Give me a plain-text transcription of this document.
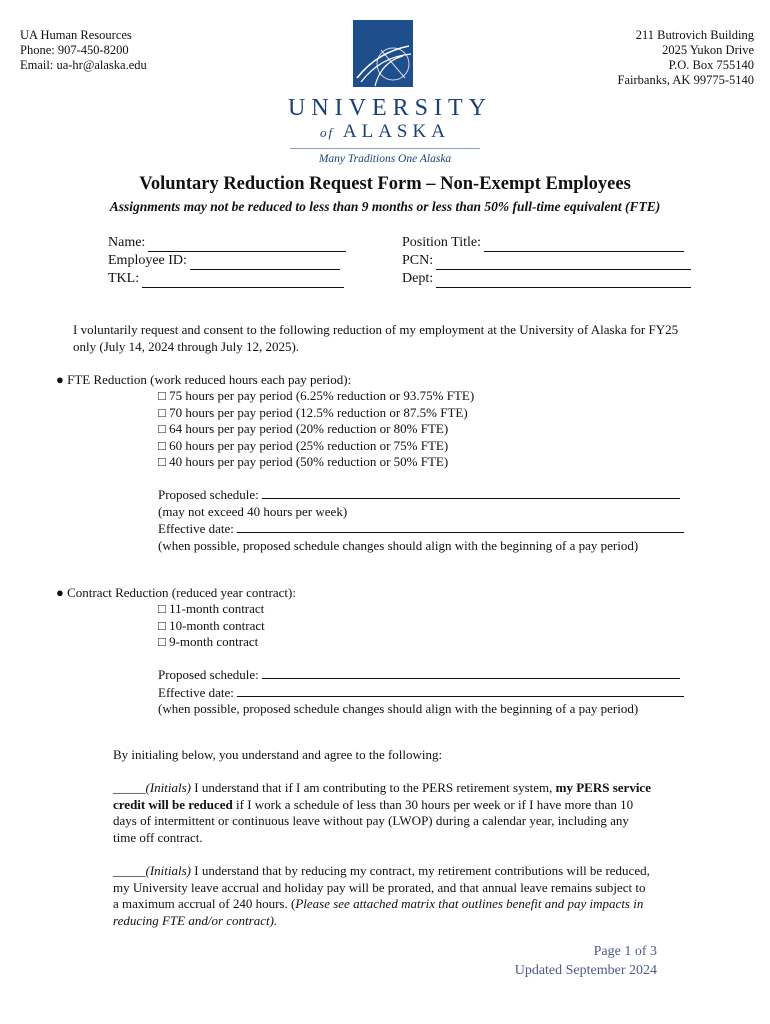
UA Human Resources
Phone: 907-450-8200
Email: ua-hr@alaska.edu
211 Butrovich Building
2025 Yukon Drive
P.O. Box 755140
Fairbanks, AK 99775-5140
UNIVERSITY
of ALASKA
Many Traditions One Alaska
Voluntary Reduction Request Form – Non-Exempt Employees
Assignments may not be reduced to less than 9 months or less than 50% full-time equivalent (FTE)
Name:
Employee ID:
TKL:
Position Title:
PCN:
Dept:
I voluntarily request and consent to the following reduction of my employment at the University of Alaska for FY25 only (July 14, 2024 through July 12, 2025).
● FTE Reduction (work reduced hours each pay period):
□ 75 hours per pay period (6.25% reduction or 93.75% FTE)
□ 70 hours per pay period (12.5% reduction or 87.5% FTE)
□ 64 hours per pay period (20% reduction or 80% FTE)
□ 60 hours per pay period (25% reduction or 75% FTE)
□ 40 hours per pay period (50% reduction or 50% FTE)
Proposed schedule:
(may not exceed 40 hours per week)
Effective date:
(when possible, proposed schedule changes should align with the beginning of a pay period)
● Contract Reduction (reduced year contract):
□ 11-month contract
□ 10-month contract
□ 9-month contract
Proposed schedule:
Effective date:
(when possible, proposed schedule changes should align with the beginning of a pay period)
By initialing below, you understand and agree to the following:
_____(Initials) I understand that if I am contributing to the PERS retirement system, my PERS service credit will be reduced if I work a schedule of less than 30 hours per week or if I have more than 10 days of intermittent or continuous leave without pay (LWOP) during a calendar year, including any time off contract.
_____(Initials) I understand that by reducing my contract, my retirement contributions will be reduced, my University leave accrual and holiday pay will be prorated, and that annual leave remains subject to a maximum accrual of 240 hours. (Please see attached matrix that outlines benefit and pay impacts in reducing FTE and/or contract).
Page 1 of 3
Updated September 2024
